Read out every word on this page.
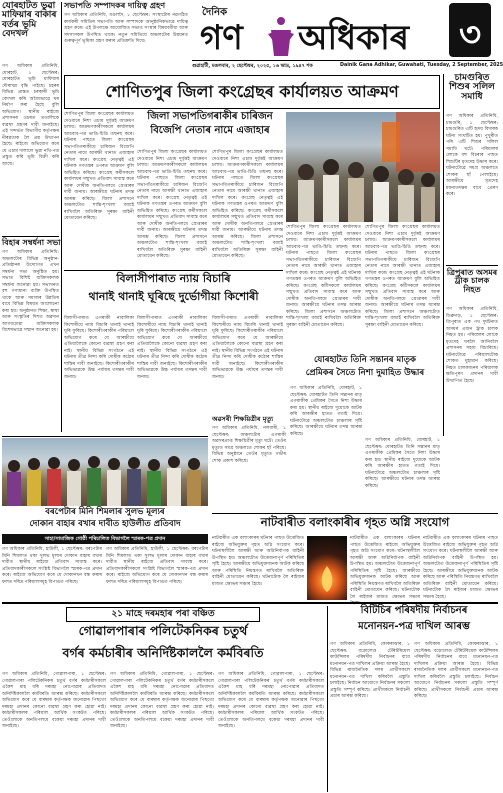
দৈনিক
গণ অধিকাৰ ৩
গুৱাহাটী, মঙলবাৰ, ২ ছেপ্টেম্বৰ, ২০২৫, ১৬ ভাদ্ৰ, ১৯৪৭ শক	Dainik Gana Adhikar, Guwahati, Tuesday, 2 September, 2025
সভাপতি সম্পাদকৰ দায়িত্ব গ্ৰহণ
গণ অধিকাৰ প্ৰতিনিধি, মঙলদৈ, ১ ছেপ্টেম্বৰ: সংস্থাটোৰ নৱগঠিত কাৰ্যকৰী সমিতিৰ সভাপতি আৰু সম্পাদকে আনুষ্ঠানিকভাৱে দায়িত্ব গ্ৰহণ কৰে। এই উপলক্ষে আয়োজিত সভাত সংস্থাৰ বিষয়ববীয়া আৰু সদস্যসকল উপস্থিত থাকে। নতুন সমিতিয়ে অঞ্চলটোৰ উন্নয়নত গুৰুত্বপূৰ্ণ ভূমিকা গ্ৰহণ কৰাৰ প্ৰতিশ্ৰুতি দিয়ে।
যোৰহাটত ভুৱা মাফিয়াৰ বাকাৰ বৰ্তৰ ভূমি বেদখল
গণ অধিকাৰ প্ৰতিনিধি, যোৰহাট, ১ ছেপ্টেম্বৰ: যোৰহাটত ভূমি মাফিয়াৰ দৌৰাত্ম্য বৃদ্ধি পাইছে। চহৰৰ বিভিন্ন প্ৰান্তত চৰকাৰী ভূমি বেদখল কৰি অবৈধভাৱে ঘৰ নিৰ্মাণ কৰা হৈছে বুলি অভিযোগ। স্থানীয় ৰাইজে প্ৰশাসনৰ ওচৰত ততালিকে ব্যৱস্থা গ্ৰহণৰ দাবী জনাইছে। এই সন্দৰ্ভত বিভাগীয় কৰ্তৃপক্ষৰ নীৰৱতাক লৈ প্ৰশ্ন উত্থাপন হৈছে। ৰাইজে অভিযোগ কৰে যে এচাম দালালে ভুৱা নথি-পত্ৰ প্ৰস্তুত কৰি ভূমি বিক্ৰী কৰি আছে।
বিহাৰ সম্বৰ্ধনা সভা
গণ অধিকাৰ প্ৰতিনিধি: অঞ্চলটোৰ বিভিন্ন অনুষ্ঠান-প্ৰতিষ্ঠানৰ উদ্যোগত এখন সম্বৰ্ধনা সভা অনুষ্ঠিত হয়। সভাত বিশিষ্ট ব্যক্তিসকলক সম্বৰ্ধনা জনোৱা হয়। সভাখনত বহু গণ্যমান্য ব্যক্তি উপস্থিত থাকে আৰু সমাজৰ উন্নতিৰ বাবে বিভিন্ন বিষয়ত আলোচনা কৰা হয়। অনুষ্ঠানত শিক্ষা, স্বাস্থ্য আৰু সংস্কৃতিৰ দিশত অৱদান আগবঢ়োৱা ব্যক্তিসকলক বিশেষভাৱে সন্মান জনোৱা হয়।
চামগুৰিত শিশুৰ সলিল সমাধি
গণ অধিকাৰ প্ৰতিনিধি, চামগুৰি, ১ ছেপ্টেম্বৰ: চামগুৰিত এটি হৃদয় বিদাৰক ঘটনা সংঘটিত হয়। পুখুৰীত পৰি এটি শিশুৰ সলিল সমাধি ঘটে। পৰিয়ালৰ লোকে বহু বিচৰাৰ পাছত শিশুটিৰ মৃতদেহ উদ্ধাৰ কৰে। ঘটনাটোৱে সমগ্ৰ অঞ্চলতে শোকৰ ছাঁ পেলাইছে। আৰক্ষীয়ে মৃতদেহ ময়নাতদন্তৰ বাবে প্ৰেৰণ কৰে।
ত্ৰিপুৰাত অসমৰ ট্ৰাক চালক নিহত
গণ অধিকাৰ প্ৰতিনিধি, ডিব্ৰুগড়, ১ ছেপ্টেম্বৰ: ত্ৰিপুৰাত এক পথ দুৰ্ঘটনাত অসমৰ এজন ট্ৰাক চালক নিহত হয়। পৰিয়ালৰ লোকে মৃতদেহ ঘৰলৈ আনিবলৈ প্ৰশাসনৰ সহায় বিচাৰিছে। ঘটনাটোৱে পৰিয়ালটোক শোকত মুহ্যমান কৰিছে। নিহত চালকজনৰ পৰিয়ালক ক্ষতিপূৰণ প্ৰদানৰ দাবী উত্থাপিত হৈছে।
শোণিতপুৰ জিলা কংগ্ৰেছৰ কাৰ্যালয়ত আক্ৰমণ
শোণিতপুৰ জিলা কংগ্ৰেছৰ কাৰ্যালয়ত দেওবাৰে নিশা এচাম দুৰ্বৃত্তই আক্ৰমণ চলায়। আক্ৰমণকাৰীসকলে কাৰ্যালয়ৰ আচবাব-পত্ৰ ভাঙি-চিঙি তছনছ কৰে। ঘটনাৰ পাছতে জিলা কংগ্ৰেছৰ সভাপতিগৰাকীয়ে চাৰিজন বিজেপি নেতাৰ নামে আৰক্ষী থানাত এজাহাৰ দাখিল কৰে। কংগ্ৰেছ নেতৃত্বই এই ঘটনাক গণতন্ত্ৰৰ ওপৰত আক্ৰমণ বুলি অভিহিত কৰিছে। কংগ্ৰেছ কৰ্মীসকলে কাৰ্যালয়ৰ সন্মুখত প্ৰতিবাদ সাব্যস্ত কৰে আৰু দোষীক অনতিপলমে গ্ৰেপ্তাৰৰ দাবী জনায়। আৰক্ষীয়ে ঘটনাৰ তদন্ত আৰম্ভ কৰিছে। জিলা প্ৰশাসনে অঞ্চলটোত শান্তি-শৃংখলা বজাই ৰাখিবলৈ অতিৰিক্ত সুৰক্ষা বাহিনী মোতায়েন কৰিছে।
জিলা সভাপতিগৰাকীৰ চাৰিজন
বিজেপি নেতাৰ নামে এজাহাৰ
শোণিতপুৰ জিলা কংগ্ৰেছৰ কাৰ্যালয়ত দেওবাৰে নিশা এচাম দুৰ্বৃত্তই আক্ৰমণ চলায়। আক্ৰমণকাৰীসকলে কাৰ্যালয়ৰ আচবাব-পত্ৰ ভাঙি-চিঙি তছনছ কৰে। ঘটনাৰ পাছতে জিলা কংগ্ৰেছৰ সভাপতিগৰাকীয়ে চাৰিজন বিজেপি নেতাৰ নামে আৰক্ষী থানাত এজাহাৰ দাখিল কৰে। কংগ্ৰেছ নেতৃত্বই এই ঘটনাক গণতন্ত্ৰৰ ওপৰত আক্ৰমণ বুলি অভিহিত কৰিছে। কংগ্ৰেছ কৰ্মীসকলে কাৰ্যালয়ৰ সন্মুখত প্ৰতিবাদ সাব্যস্ত কৰে আৰু দোষীক অনতিপলমে গ্ৰেপ্তাৰৰ দাবী জনায়। আৰক্ষীয়ে ঘটনাৰ তদন্ত আৰম্ভ কৰিছে। জিলা প্ৰশাসনে অঞ্চলটোত শান্তি-শৃংখলা বজাই ৰাখিবলৈ অতিৰিক্ত সুৰক্ষা বাহিনী মোতায়েন কৰিছে।
শোণিতপুৰ জিলা কংগ্ৰেছৰ কাৰ্যালয়ত দেওবাৰে নিশা এচাম দুৰ্বৃত্তই আক্ৰমণ চলায়। আক্ৰমণকাৰীসকলে কাৰ্যালয়ৰ আচবাব-পত্ৰ ভাঙি-চিঙি তছনছ কৰে। ঘটনাৰ পাছতে জিলা কংগ্ৰেছৰ সভাপতিগৰাকীয়ে চাৰিজন বিজেপি নেতাৰ নামে আৰক্ষী থানাত এজাহাৰ দাখিল কৰে। কংগ্ৰেছ নেতৃত্বই এই ঘটনাক গণতন্ত্ৰৰ ওপৰত আক্ৰমণ বুলি অভিহিত কৰিছে। কংগ্ৰেছ কৰ্মীসকলে কাৰ্যালয়ৰ সন্মুখত প্ৰতিবাদ সাব্যস্ত কৰে আৰু দোষীক অনতিপলমে গ্ৰেপ্তাৰৰ দাবী জনায়। আৰক্ষীয়ে ঘটনাৰ তদন্ত আৰম্ভ কৰিছে। জিলা প্ৰশাসনে অঞ্চলটোত শান্তি-শৃংখলা বজাই ৰাখিবলৈ অতিৰিক্ত সুৰক্ষা বাহিনী মোতায়েন কৰিছে।
শোণিতপুৰ জিলা কংগ্ৰেছৰ কাৰ্যালয়ত দেওবাৰে নিশা এচাম দুৰ্বৃত্তই আক্ৰমণ চলায়। আক্ৰমণকাৰীসকলে কাৰ্যালয়ৰ আচবাব-পত্ৰ ভাঙি-চিঙি তছনছ কৰে। ঘটনাৰ পাছতে জিলা কংগ্ৰেছৰ সভাপতিগৰাকীয়ে চাৰিজন বিজেপি নেতাৰ নামে আৰক্ষী থানাত এজাহাৰ দাখিল কৰে। কংগ্ৰেছ নেতৃত্বই এই ঘটনাক গণতন্ত্ৰৰ ওপৰত আক্ৰমণ বুলি অভিহিত কৰিছে। কংগ্ৰেছ কৰ্মীসকলে কাৰ্যালয়ৰ সন্মুখত প্ৰতিবাদ সাব্যস্ত কৰে আৰু দোষীক অনতিপলমে গ্ৰেপ্তাৰৰ দাবী জনায়। আৰক্ষীয়ে ঘটনাৰ তদন্ত আৰম্ভ কৰিছে। জিলা প্ৰশাসনে অঞ্চলটোত শান্তি-শৃংখলা বজাই ৰাখিবলৈ অতিৰিক্ত সুৰক্ষা বাহিনী মোতায়েন কৰিছে।
শোণিতপুৰ জিলা কংগ্ৰেছৰ কাৰ্যালয়ত দেওবাৰে নিশা এচাম দুৰ্বৃত্তই আক্ৰমণ চলায়। আক্ৰমণকাৰীসকলে কাৰ্যালয়ৰ আচবাব-পত্ৰ ভাঙি-চিঙি তছনছ কৰে। ঘটনাৰ পাছতে জিলা কংগ্ৰেছৰ সভাপতিগৰাকীয়ে চাৰিজন বিজেপি নেতাৰ নামে আৰক্ষী থানাত এজাহাৰ দাখিল কৰে। কংগ্ৰেছ নেতৃত্বই এই ঘটনাক গণতন্ত্ৰৰ ওপৰত আক্ৰমণ বুলি অভিহিত কৰিছে। কংগ্ৰেছ কৰ্মীসকলে কাৰ্যালয়ৰ সন্মুখত প্ৰতিবাদ সাব্যস্ত কৰে আৰু দোষীক অনতিপলমে গ্ৰেপ্তাৰৰ দাবী জনায়। আৰক্ষীয়ে ঘটনাৰ তদন্ত আৰম্ভ কৰিছে। জিলা প্ৰশাসনে অঞ্চলটোত শান্তি-শৃংখলা বজাই ৰাখিবলৈ অতিৰিক্ত সুৰক্ষা বাহিনী মোতায়েন কৰিছে।
বিলাসীপাৰাত ন্যায় বিচাৰি
থানাই থানাই ঘূৰিছে দুৰ্ভোগীয়া কিশোৰী
বিলাসীপাৰাত এগৰাকী নাবালিকা কিশোৰীয়ে ন্যায় বিচাৰি থানাই থানাই ঘূৰি ফুৰিছে। কিশোৰীগৰাকীৰ পৰিয়ালে অভিযোগ কৰে যে আৰক্ষীয়ে এতিয়ালৈকে কোনো ব্যৱস্থা গ্ৰহণ কৰা নাই। স্থানীয় বিভিন্ন সংগঠনে এই ঘটনাৰ তীব্ৰ নিন্দা কৰি দোষীক কঠোৰ শাস্তিৰ দাবী জনাইছে। কিশোৰীগৰাকীৰ অভিভাৱকে উচ্চ পৰ্যায়ৰ তদন্তৰ দাবী জনায়।
বিলাসীপাৰাত এগৰাকী নাবালিকা কিশোৰীয়ে ন্যায় বিচাৰি থানাই থানাই ঘূৰি ফুৰিছে। কিশোৰীগৰাকীৰ পৰিয়ালে অভিযোগ কৰে যে আৰক্ষীয়ে এতিয়ালৈকে কোনো ব্যৱস্থা গ্ৰহণ কৰা নাই। স্থানীয় বিভিন্ন সংগঠনে এই ঘটনাৰ তীব্ৰ নিন্দা কৰি দোষীক কঠোৰ শাস্তিৰ দাবী জনাইছে। কিশোৰীগৰাকীৰ অভিভাৱকে উচ্চ পৰ্যায়ৰ তদন্তৰ দাবী জনায়।
বিলাসীপাৰাত এগৰাকী নাবালিকা কিশোৰীয়ে ন্যায় বিচাৰি থানাই থানাই ঘূৰি ফুৰিছে। কিশোৰীগৰাকীৰ পৰিয়ালে অভিযোগ কৰে যে আৰক্ষীয়ে এতিয়ালৈকে কোনো ব্যৱস্থা গ্ৰহণ কৰা নাই। স্থানীয় বিভিন্ন সংগঠনে এই ঘটনাৰ তীব্ৰ নিন্দা কৰি দোষীক কঠোৰ শাস্তিৰ দাবী জনাইছে। কিশোৰীগৰাকীৰ অভিভাৱকে উচ্চ পৰ্যায়ৰ তদন্তৰ দাবী জনায়।
অৱসৰী শিক্ষয়িত্ৰীৰ মৃত্যু
গণ অধিকাৰ প্ৰতিনিধি, নলবাৰী, ১ ছেপ্টেম্বৰ: অঞ্চলটোৰ এগৰাকী অৱসৰপ্ৰাপ্ত শিক্ষয়িত্ৰীৰ মৃত্যু ঘটে। তেওঁৰ মৃত্যুত সমগ্ৰ অঞ্চলতে শোকৰ ছাঁ পৰিছে। বিভিন্ন অনুষ্ঠানে তেওঁৰ মৃত্যুত গভীৰ শোক প্ৰকাশ কৰিছে।
যোৰহাটত তিনি সন্তানৰ মাতৃক
প্ৰেমিকৰ সৈতে নিশা দুমাহিত উদ্ধাৰ
গণ অধিকাৰ প্ৰতিনিধি, যোৰহাট, ১ ছেপ্টেম্বৰ: যোৰহাটত তিনি সন্তানৰ মাতৃ এগৰাকীক প্ৰেমিকৰ সৈতে নিশা উদ্ধাৰ কৰা হয়। স্থানীয় ৰাইজে দুয়োকে আটক কৰি আৰক্ষীৰ হাতত গতাই দিয়ে। ঘটনাটোৱে অঞ্চলটোত চাঞ্চল্যৰ সৃষ্টি কৰিছে। আৰক্ষীয়ে ঘটনাৰ তদন্ত আৰম্ভ কৰিছে।
গণ অধিকাৰ প্ৰতিনিধি, যোৰহাট, ১ ছেপ্টেম্বৰ: যোৰহাটত তিনি সন্তানৰ মাতৃ এগৰাকীক প্ৰেমিকৰ সৈতে নিশা উদ্ধাৰ কৰা হয়। স্থানীয় ৰাইজে দুয়োকে আটক কৰি আৰক্ষীৰ হাতত গতাই দিয়ে। ঘটনাটোৱে অঞ্চলটোত চাঞ্চল্যৰ সৃষ্টি কৰিছে। আৰক্ষীয়ে ঘটনাৰ তদন্ত আৰম্ভ কৰিছে।
বৰপেটাৰ মিনি শিমলাৰ সুলভ মূল্যৰ
দোকান বাহাৰ বখাৰ দাবীত হাউলীত প্ৰতিবাদ
সাহা/সামাজিক গোষ্ঠী পৰিচালিত বিভাগলৈ স্মাৰক-পত্ৰ প্ৰদান
গণ অধিকাৰ প্ৰতিনিধি, হাউলী, ১ ছেপ্টেম্বৰ: বৰপেটাৰ মিনি শিমলাত থকা সুলভ মূল্যৰ দোকান বাহাৰ বখাৰ দাবীত স্থানীয় ৰাইজে প্ৰতিবাদ সাব্যস্ত কৰে। প্ৰতিবাদকাৰীসকলে সংশ্লিষ্ট বিভাগলৈ স্মাৰক-পত্ৰ প্ৰদান কৰে। ৰাইজে অভিযোগ কৰে যে দোকানখন বন্ধ কৰাৰ ফলত দৰিদ্ৰ পৰিয়ালসমূহ বিপাঙত পৰিছে।
গণ অধিকাৰ প্ৰতিনিধি, হাউলী, ১ ছেপ্টেম্বৰ: বৰপেটাৰ মিনি শিমলাত থকা সুলভ মূল্যৰ দোকান বাহাৰ বখাৰ দাবীত স্থানীয় ৰাইজে প্ৰতিবাদ সাব্যস্ত কৰে। প্ৰতিবাদকাৰীসকলে সংশ্লিষ্ট বিভাগলৈ স্মাৰক-পত্ৰ প্ৰদান কৰে। ৰাইজে অভিযোগ কৰে যে দোকানখন বন্ধ কৰাৰ ফলত দৰিদ্ৰ পৰিয়ালসমূহ বিপাঙত পৰিছে।
নাটবাৰীত বলাংকাৰীৰ গৃহত অগ্নি সংযোগ
নাটবাৰীত এক বলাংকাৰৰ ঘটনাৰ পাছত উত্তেজিত ৰাইজে অভিযুক্তৰ গৃহত অগ্নি সংযোগ কৰে। ঘটনাস্থলীলৈ আৰক্ষী আৰু অগ্নিনিৰ্বাপক বাহিনী উপস্থিত হয়। অঞ্চলটোত উত্তেজনাপূৰ্ণ পৰিস্থিতিৰ সৃষ্টি হৈছে। আৰক্ষীয়ে অভিযুক্তজনক আটক কৰিছে আৰু পৰিস্থিতি নিয়ন্ত্ৰণত ৰাখিবলৈ অতিৰিক্ত বাহিনী মোতায়েন কৰিছে। ঘটনাটোক লৈ ৰাইজৰ মাজত ক্ষোভৰ সঞ্চাৰ হৈছে।
নাটবাৰীত এক বলাংকাৰৰ ঘটনাৰ পাছত উত্তেজিত ৰাইজে অভিযুক্তৰ গৃহত অগ্নি সংযোগ কৰে। ঘটনাস্থলীলৈ আৰক্ষী আৰু অগ্নিনিৰ্বাপক বাহিনী উপস্থিত হয়। অঞ্চলটোত উত্তেজনাপূৰ্ণ পৰিস্থিতিৰ সৃষ্টি হৈছে। আৰক্ষীয়ে অভিযুক্তজনক আটক কৰিছে আৰু পৰিস্থিতি নিয়ন্ত্ৰণত ৰাখিবলৈ অতিৰিক্ত বাহিনী মোতায়েন কৰিছে। ঘটনাটোক লৈ ৰাইজৰ মাজত ক্ষোভৰ সঞ্চাৰ
নাটবাৰীত এক বলাংকাৰৰ ঘটনাৰ পাছত উত্তেজিত ৰাইজে অভিযুক্তৰ গৃহত অগ্নি সংযোগ কৰে। ঘটনাস্থলীলৈ আৰক্ষী আৰু অগ্নিনিৰ্বাপক বাহিনী উপস্থিত হয়। অঞ্চলটোত উত্তেজনাপূৰ্ণ পৰিস্থিতিৰ সৃষ্টি হৈছে। আৰক্ষীয়ে অভিযুক্তজনক আটক কৰিছে আৰু পৰিস্থিতি নিয়ন্ত্ৰণত ৰাখিবলৈ অতিৰিক্ত বাহিনী মোতায়েন কৰিছে। ঘটনাটোক লৈ ৰাইজৰ মাজত ক্ষোভৰ সঞ্চাৰ হৈছে।
২১ মাহে দৰমহাৰ পৰা বঞ্চিত
গোৱালপাৰাৰ পলিটেকনিকৰ চতুৰ্থ
বৰ্গৰ কৰ্মচাৰীৰ অনিৰ্দিষ্টকাললৈ কৰ্মবিৰতি
গণ অধিকাৰ প্ৰতিনিধি, গোৱালপাৰা, ১ ছেপ্টেম্বৰ: গোৱালপাৰা পলিটেকনিকৰ চতুৰ্থ বৰ্গৰ কৰ্মচাৰীসকলে একৈশ মাহ ধৰি দৰমহা নোপোৱাৰ প্ৰতিবাদত অনিৰ্দিষ্টকাললৈ কৰ্মবিৰতি আৰম্ভ কৰিছে। কৰ্মচাৰীসকলে অভিযোগ কৰে যে বাৰম্বাৰ কৰ্তৃপক্ষক জনোৱাৰ পিছতো দৰমহা প্ৰদানৰ কোনো ব্যৱস্থা গ্ৰহণ কৰা হোৱা নাই। কৰ্মচাৰীসকলৰ পৰিয়াল আৰ্থিক সংকটত পৰিছে। তেওঁলোকে অনতিপলমে বকেয়া দৰমহা প্ৰদানৰ দাবী জনাইছে।
গণ অধিকাৰ প্ৰতিনিধি, গোৱালপাৰা, ১ ছেপ্টেম্বৰ: গোৱালপাৰা পলিটেকনিকৰ চতুৰ্থ বৰ্গৰ কৰ্মচাৰীসকলে একৈশ মাহ ধৰি দৰমহা নোপোৱাৰ প্ৰতিবাদত অনিৰ্দিষ্টকাললৈ কৰ্মবিৰতি আৰম্ভ কৰিছে। কৰ্মচাৰীসকলে অভিযোগ কৰে যে বাৰম্বাৰ কৰ্তৃপক্ষক জনোৱাৰ পিছতো দৰমহা প্ৰদানৰ কোনো ব্যৱস্থা গ্ৰহণ কৰা হোৱা নাই। কৰ্মচাৰীসকলৰ পৰিয়াল আৰ্থিক সংকটত পৰিছে। তেওঁলোকে অনতিপলমে বকেয়া দৰমহা প্ৰদানৰ দাবী জনাইছে।
গণ অধিকাৰ প্ৰতিনিধি, গোৱালপাৰা, ১ ছেপ্টেম্বৰ: গোৱালপাৰা পলিটেকনিকৰ চতুৰ্থ বৰ্গৰ কৰ্মচাৰীসকলে একৈশ মাহ ধৰি দৰমহা নোপোৱাৰ প্ৰতিবাদত অনিৰ্দিষ্টকাললৈ কৰ্মবিৰতি আৰম্ভ কৰিছে। কৰ্মচাৰীসকলে অভিযোগ কৰে যে বাৰম্বাৰ কৰ্তৃপক্ষক জনোৱাৰ পিছতো দৰমহা প্ৰদানৰ কোনো ব্যৱস্থা গ্ৰহণ কৰা হোৱা নাই। কৰ্মচাৰীসকলৰ পৰিয়াল আৰ্থিক সংকটত পৰিছে। তেওঁলোকে অনতিপলমে বকেয়া দৰমহা প্ৰদানৰ দাবী জনাইছে।
বিটিচিৰ পৰিষদীয় নিৰ্বাচনৰ
মনোনয়ন-পত্ৰ দাখিল আৰম্ভ
গণ অধিকাৰ প্ৰতিনিধি, কোকৰাঝাৰ, ১ ছেপ্টেম্বৰ: বড়োলেণ্ড টেৰিটৰিয়েল কাউন্সিলৰ পৰিষদীয় নিৰ্বাচনৰ বাবে মনোনয়ন-পত্ৰ দাখিলৰ প্ৰক্ৰিয়া আৰম্ভ হৈছে। বিভিন্ন ৰাজনৈতিক দলৰ প্ৰাৰ্থীসকলে মনোনয়ন-পত্ৰ দাখিল কৰিবলৈ প্ৰস্তুতি চলাইছে। নিৰ্বাচন আয়োগে নিৰ্বাচনৰ সকলো প্ৰস্তুতি সম্পূৰ্ণ কৰিছে। প্ৰাৰ্থীসকলে নিৰ্বাচনী প্ৰচাৰ আৰম্ভ কৰিছে।
গণ অধিকাৰ প্ৰতিনিধি, কোকৰাঝাৰ, ১ ছেপ্টেম্বৰ: বড়োলেণ্ড টেৰিটৰিয়েল কাউন্সিলৰ পৰিষদীয় নিৰ্বাচনৰ বাবে মনোনয়ন-পত্ৰ দাখিলৰ প্ৰক্ৰিয়া আৰম্ভ হৈছে। বিভিন্ন ৰাজনৈতিক দলৰ প্ৰাৰ্থীসকলে মনোনয়ন-পত্ৰ দাখিল কৰিবলৈ প্ৰস্তুতি চলাইছে। নিৰ্বাচন আয়োগে নিৰ্বাচনৰ সকলো প্ৰস্তুতি সম্পূৰ্ণ কৰিছে। প্ৰাৰ্থীসকলে নিৰ্বাচনী প্ৰচাৰ আৰম্ভ কৰিছে।
